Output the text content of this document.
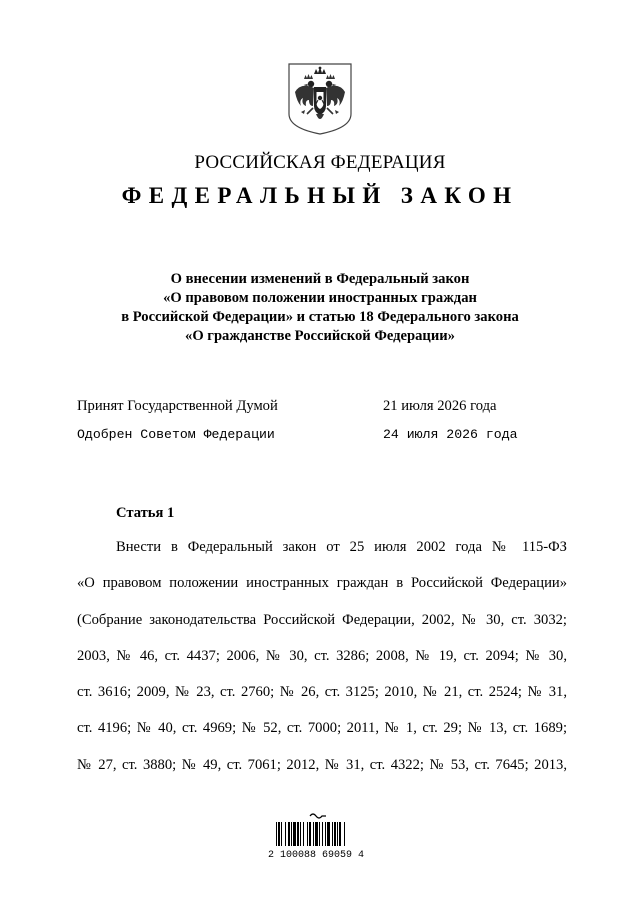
РОССИЙСКАЯ ФЕДЕРАЦИЯ
ФЕДЕРАЛЬНЫЙ ЗАКОН
О внесении изменений в Федеральный закон
«О правовом положении иностранных граждан
в Российской Федерации» и статью 18 Федерального закона
«О гражданстве Российской Федерации»
Принят Государственной Думой	21 июля 2026 года
Одобрен Советом Федерации	24 июля 2026 года
Статья 1
Внести в Федеральный закон от 25 июля 2002 года № 115-ФЗ
«О правовом положении иностранных граждан в Российской Федерации»
(Собрание законодательства Российской Федерации, 2002, № 30, ст. 3032;
2003, № 46, ст. 4437; 2006, № 30, ст. 3286; 2008, № 19, ст. 2094; № 30,
ст. 3616; 2009, № 23, ст. 2760; № 26, ст. 3125; 2010, № 21, ст. 2524; № 31,
ст. 4196; № 40, ст. 4969; № 52, ст. 7000; 2011, № 1, ст. 29; № 13, ст. 1689;
№ 27, ст. 3880; № 49, ст. 7061; 2012, № 31, ст. 4322; № 53, ст. 7645; 2013,
2 100088 69059 4
